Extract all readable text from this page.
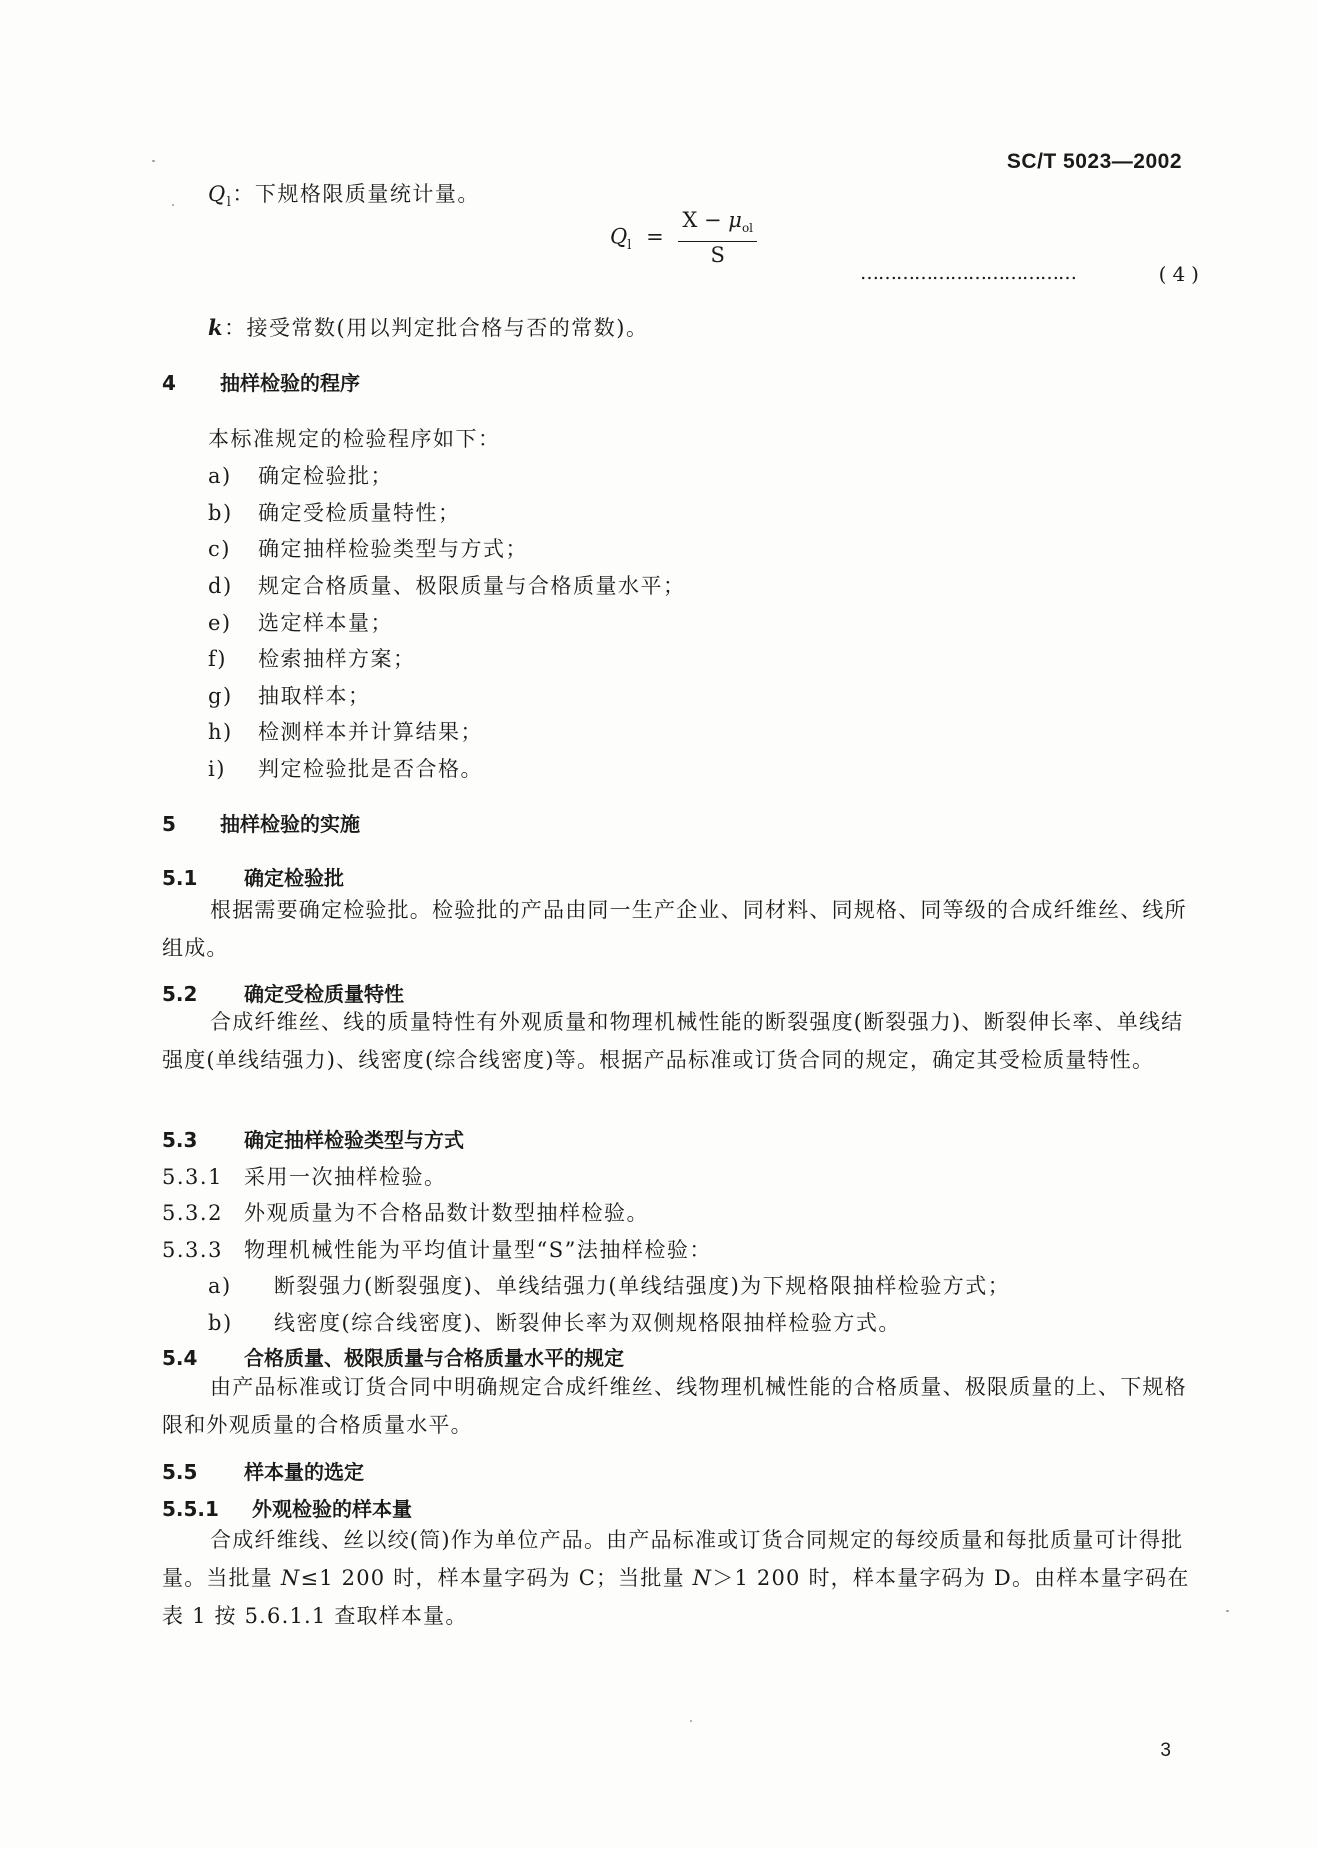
SC/T 5023—2002
$Q_l$：下规格限质量统计量。
$Q_l = \frac{X - \mu_{ol}}{S}$
………………………………	(4)
k：接受常数(用以判定批合格与否的常数)。
4 抽样检验的程序
本标准规定的检验程序如下：
a) 确定检验批；
b) 确定受检质量特性；
c) 确定抽样检验类型与方式；
d) 规定合格质量、极限质量与合格质量水平；
e) 选定样本量；
f) 检索抽样方案；
g) 抽取样本；
h) 检测样本并计算结果；
i) 判定检验批是否合格。
5 抽样检验的实施
5.1 确定检验批
根据需要确定检验批。检验批的产品由同一生产企业、同材料、同规格、同等级的合成纤维丝、线所组成。
5.2 确定受检质量特性
合成纤维丝、线的质量特性有外观质量和物理机械性能的断裂强度(断裂强力)、断裂伸长率、单线结强度(单线结强力)、线密度(综合线密度)等。根据产品标准或订货合同的规定，确定其受检质量特性。
5.3 确定抽样检验类型与方式
5.3.1 采用一次抽样检验。
5.3.2 外观质量为不合格品数计数型抽样检验。
5.3.3 物理机械性能为平均值计量型“S”法抽样检验：
a) 断裂强力(断裂强度)、单线结强力(单线结强度)为下规格限抽样检验方式；
b) 线密度(综合线密度)、断裂伸长率为双侧规格限抽样检验方式。
5.4 合格质量、极限质量与合格质量水平的规定
由产品标准或订货合同中明确规定合成纤维丝、线物理机械性能的合格质量、极限质量的上、下规格限和外观质量的合格质量水平。
5.5 样本量的选定
5.5.1 外观检验的样本量
合成纤维线、丝以绞(筒)作为单位产品。由产品标准或订货合同规定的每绞质量和每批质量可计得批量。当批量 N≤1 200 时，样本量字码为 C；当批量 N＞1 200 时，样本量字码为 D。由样本量字码在表 1 按 5.6.1.1 查取样本量。
3
